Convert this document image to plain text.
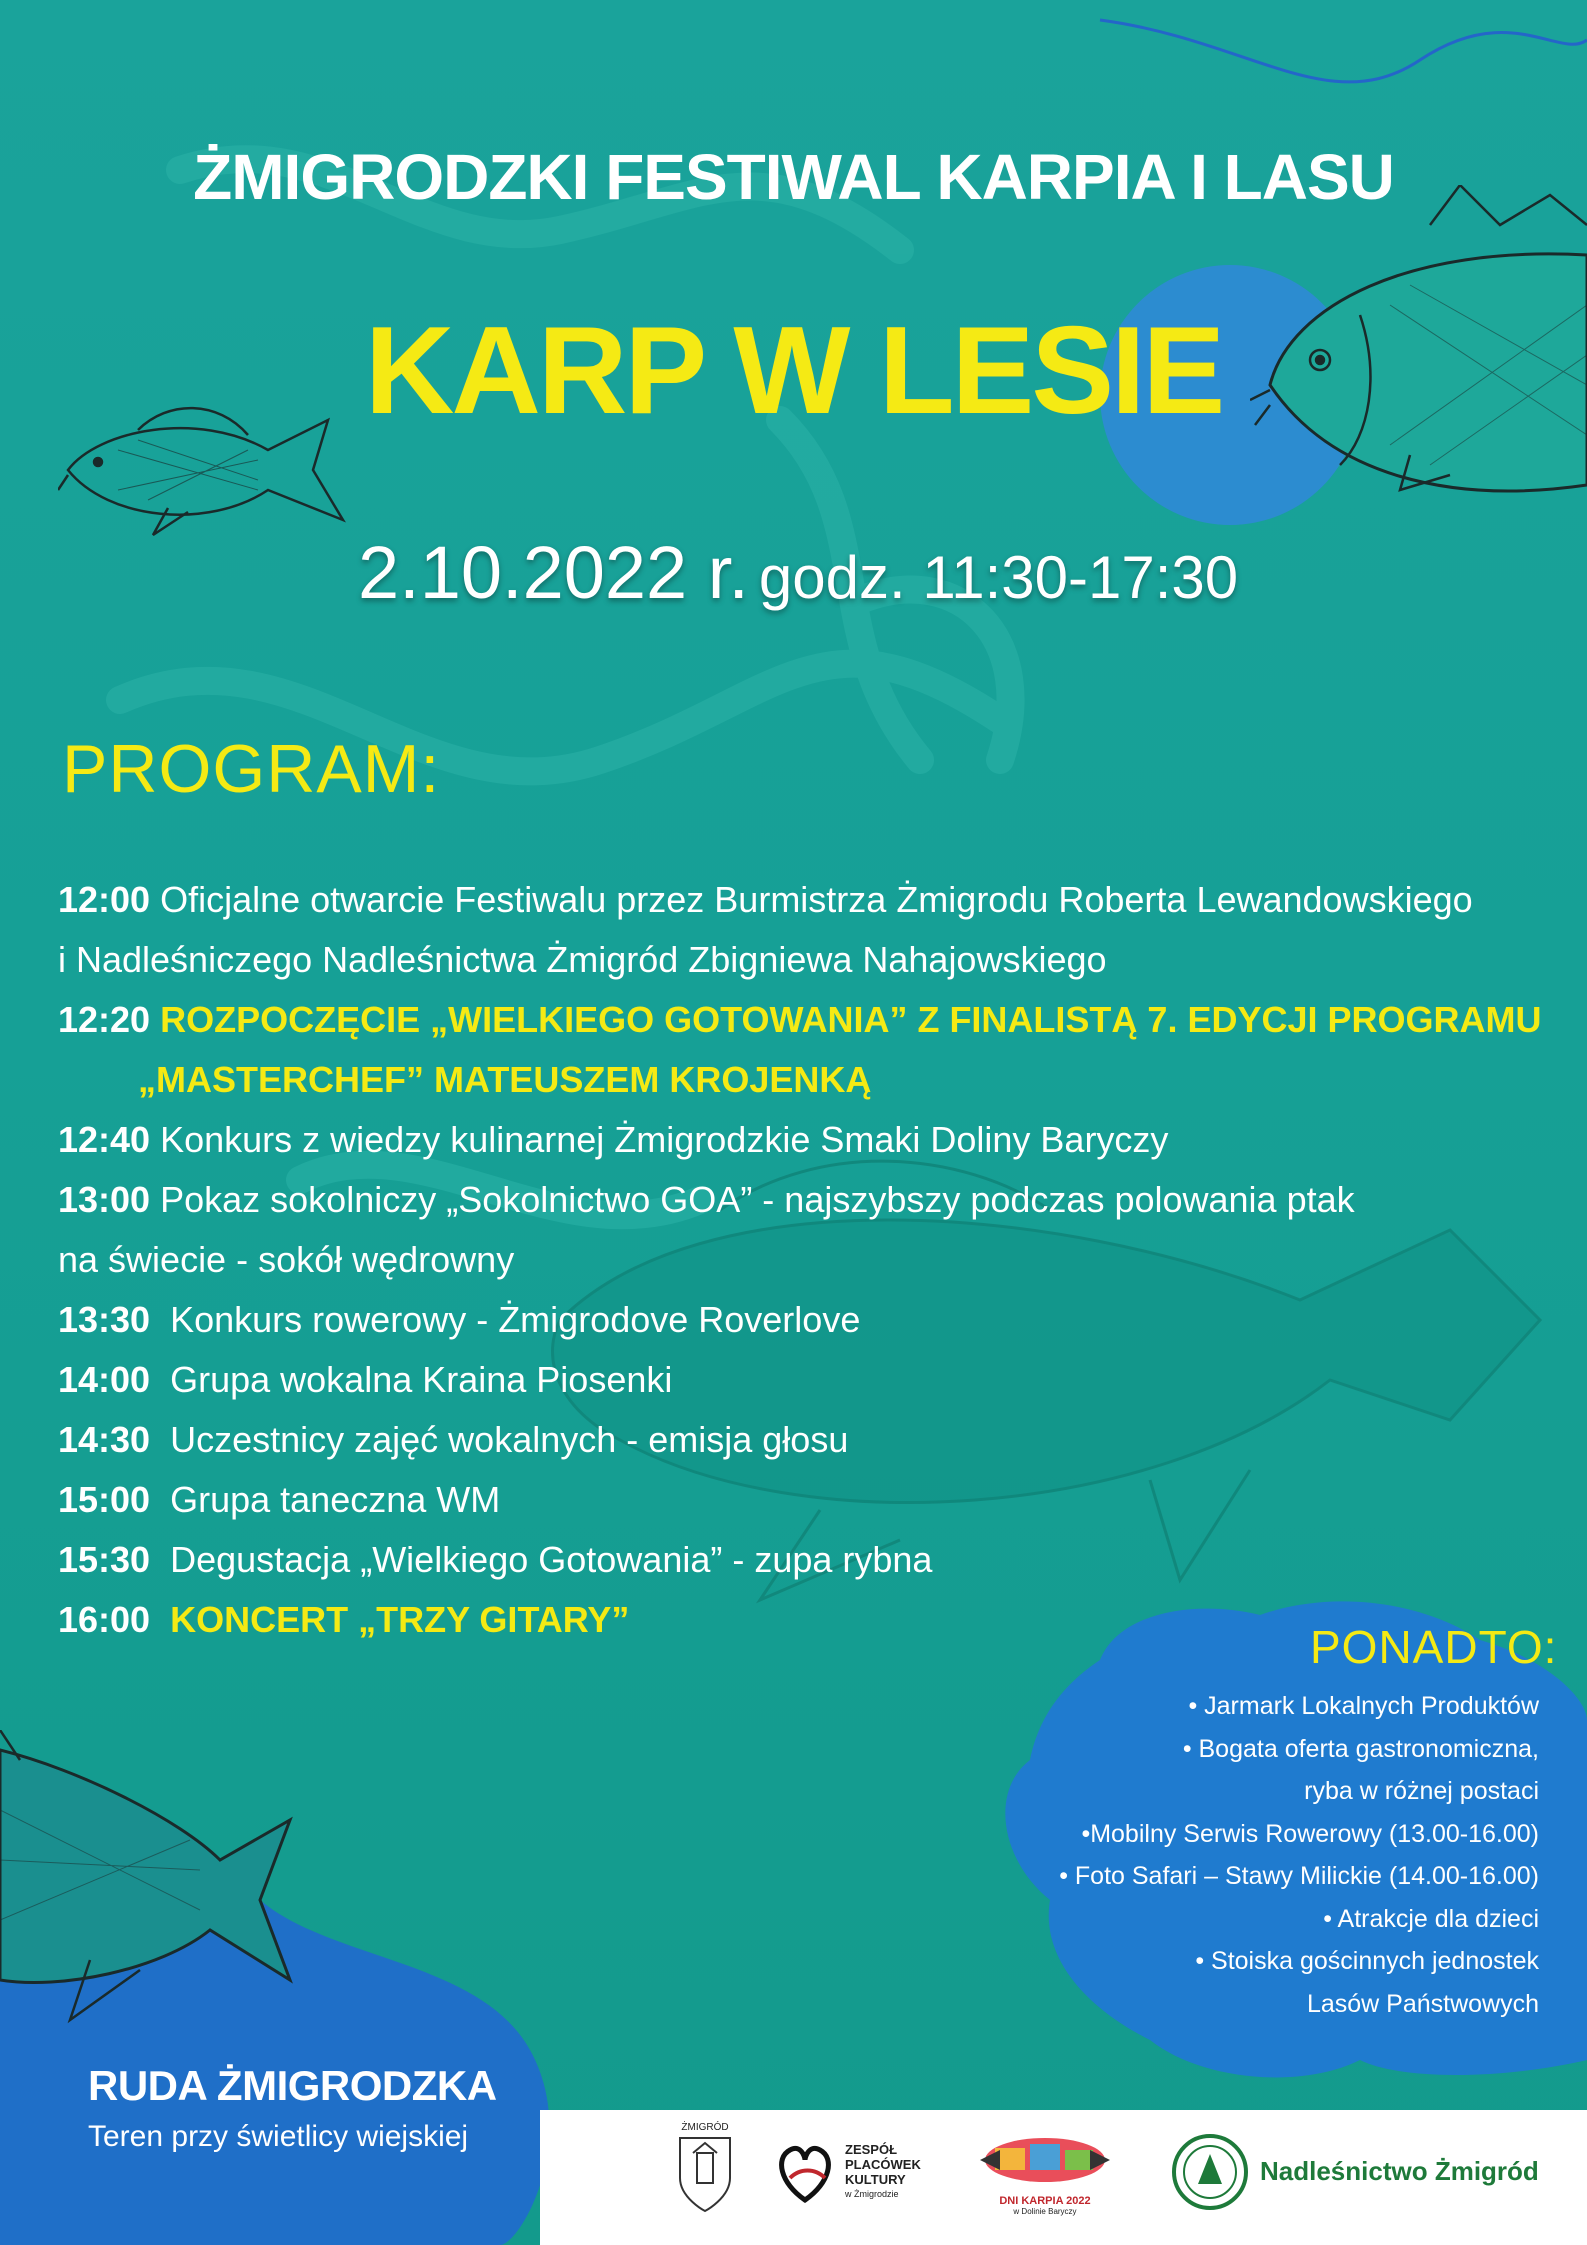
ŻMIGRODZKI FESTIWAL KARPIA I LASU
KARP W LESIE
2.10.2022 r. godz. 11:30-17:30
PROGRAM:
12:00 Oficjalne otwarcie Festiwalu przez Burmistrza Żmigrodu Roberta Lewandowskiego
i Nadleśniczego Nadleśnictwa Żmigród Zbigniewa Nahajowskiego
12:20 ROZPOCZĘCIE „WIELKIEGO GOTOWANIA” Z FINALISTĄ 7. EDYCJI PROGRAMU
„MASTERCHEF” MATEUSZEM KROJENKĄ
12:40 Konkurs z wiedzy kulinarnej Żmigrodzkie Smaki Doliny Baryczy
13:00 Pokaz sokolniczy „Sokolnictwo GOA” - najszybszy podczas polowania ptak
na świecie - sokół wędrowny
13:30 Konkurs rowerowy - Żmigrodove Roverlove
14:00 Grupa wokalna Kraina Piosenki
14:30 Uczestnicy zajęć wokalnych - emisja głosu
15:00 Grupa taneczna WM
15:30 Degustacja „Wielkiego Gotowania” - zupa rybna
16:00 KONCERT „TRZY GITARY”
PONADTO:
• Jarmark Lokalnych Produktów
• Bogata oferta gastronomiczna,
ryba w różnej postaci
•Mobilny Serwis Rowerowy (13.00-16.00)
• Foto Safari – Stawy Milickie (14.00-16.00)
• Atrakcje dla dzieci
• Stoiska gościnnych jednostek
Lasów Państwowych
RUDA ŻMIGRODZKA
Teren przy świetlicy wiejskiej	ŻMIGRÓD
ZESPÓŁ
PLACÓWEK
KULTURY
w Żmigrodzie
DNI KARPIA 2022
w Dolinie Baryczy
Nadleśnictwo Żmigród
